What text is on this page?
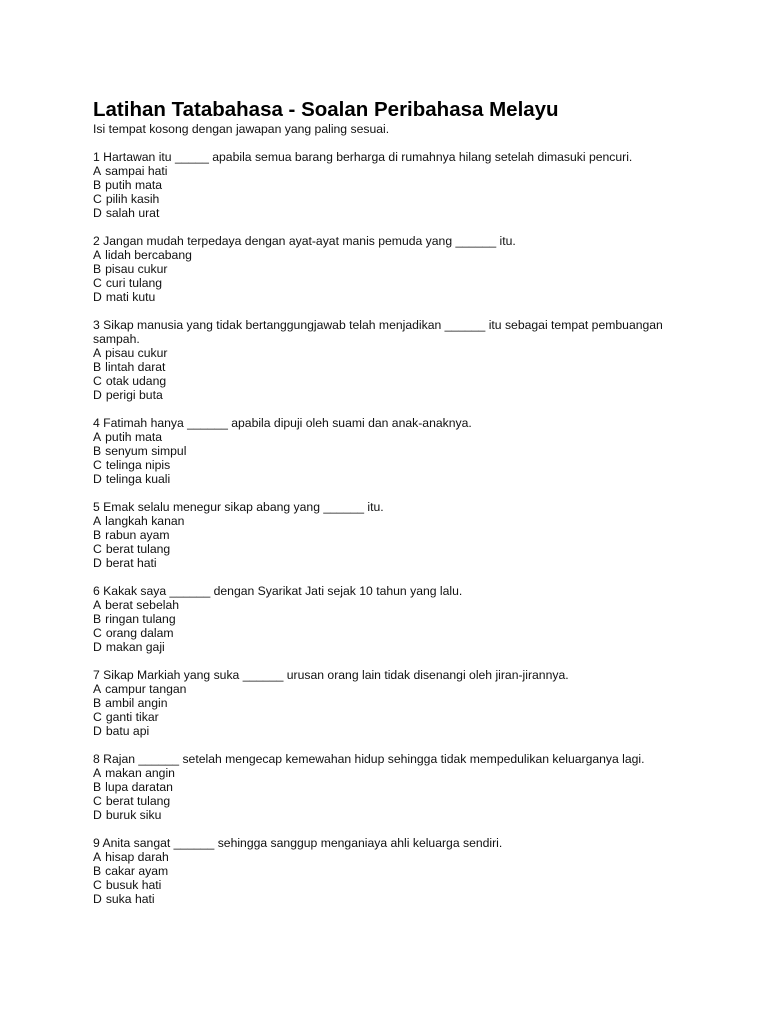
Latihan Tatabahasa - Soalan Peribahasa Melayu

Isi tempat kosong dengan jawapan yang paling sesuai.

1 Hartawan itu _____ apabila semua barang berharga di rumahnya hilang setelah dimasuki pencuri.

A sampai hati
B putih mata
C pilih kasih
D salah urat

2 Jangan mudah terpedaya dengan ayat-ayat manis pemuda yang ______ itu.

A lidah bercabang
B pisau cukur
C curi tulang
D mati kutu

3 Sikap manusia yang tidak bertanggungjawab telah menjadikan ______ itu sebagai tempat pembuangan sampah.

A pisau cukur
B lintah darat
C otak udang
D perigi buta

4 Fatimah hanya ______ apabila dipuji oleh suami dan anak-anaknya.

A putih mata
B senyum simpul
C telinga nipis
D telinga kuali

5 Emak selalu menegur sikap abang yang ______ itu.

A langkah kanan
B rabun ayam
C berat tulang
D berat hati

6 Kakak saya ______ dengan Syarikat Jati sejak 10 tahun yang lalu.

A berat sebelah
B ringan tulang
C orang dalam
D makan gaji

7 Sikap Markiah yang suka ______ urusan orang lain tidak disenangi oleh jiran-jirannya.

A campur tangan
B ambil angin
C ganti tikar
D batu api

8 Rajan ______ setelah mengecap kemewahan hidup sehingga tidak mempedulikan keluarganya lagi.

A makan angin
B lupa daratan
C berat tulang
D buruk siku

9 Anita sangat ______ sehingga sanggup menganiaya ahli keluarga sendiri.

A hisap darah
B cakar ayam
C busuk hati
D suka hati
